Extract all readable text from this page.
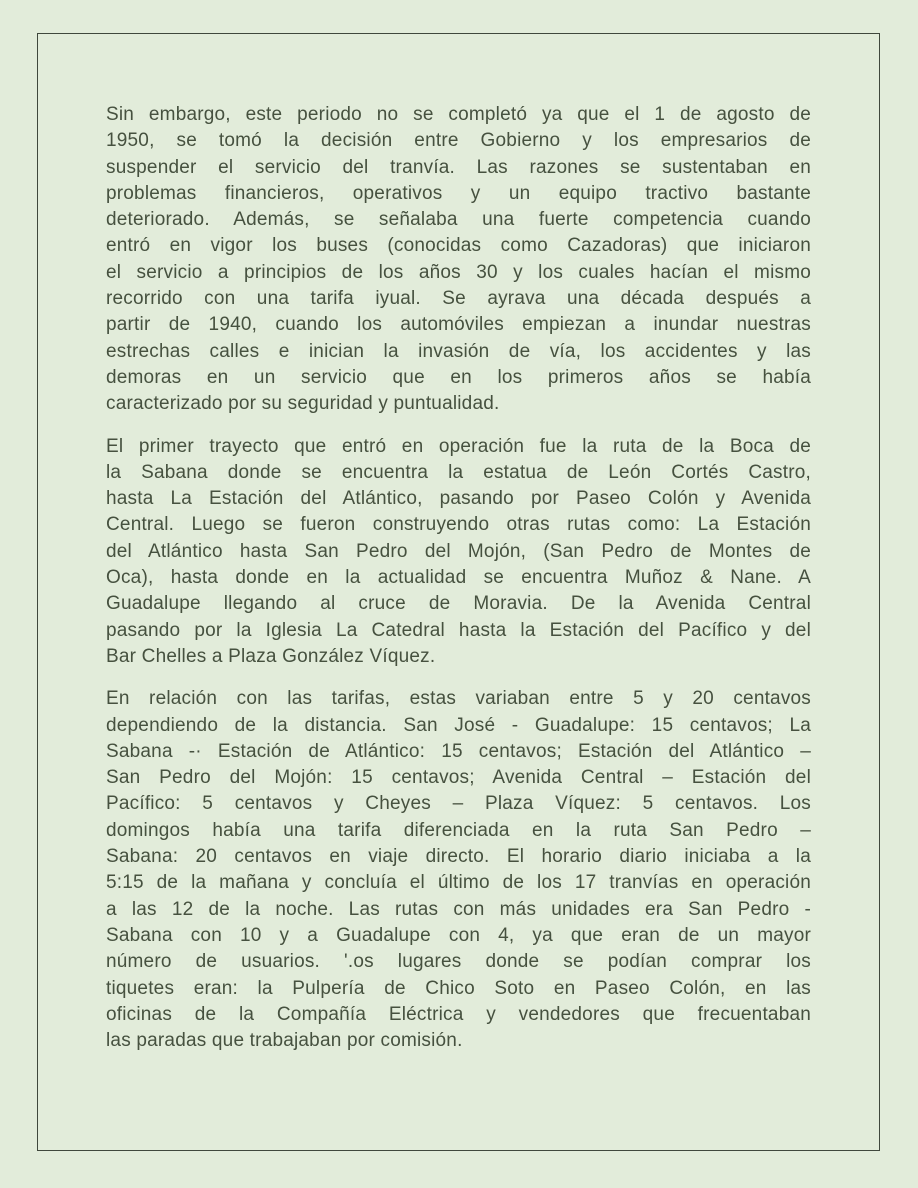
Sin embargo, este periodo no se completó ya que el 1 de agosto de
1950, se tomó la decisión entre Gobierno y los empresarios de
suspender el servicio del tranvía. Las razones se sustentaban en
problemas financieros, operativos y un equipo tractivo bastante
deteriorado. Además, se señalaba una fuerte competencia cuando
entró en vigor los buses (conocidas como Cazadoras) que iniciaron
el servicio a principios de los años 30 y los cuales hacían el mismo
recorrido con una tarifa iyual. Se ayrava una década después a
partir de 1940, cuando los automóviles empiezan a inundar nuestras
estrechas calles e inician la invasión de vía, los accidentes y las
demoras en un servicio que en los primeros años se había
caracterizado por su seguridad y puntualidad.
El primer trayecto que entró en operación fue la ruta de la Boca de
la Sabana donde se encuentra la estatua de León Cortés Castro,
hasta La Estación del Atlántico, pasando por Paseo Colón y Avenida
Central. Luego se fueron construyendo otras rutas como: La Estación
del Atlántico hasta San Pedro del Mojón, (San Pedro de Montes de
Oca), hasta donde en la actualidad se encuentra Muñoz & Nane. A
Guadalupe llegando al cruce de Moravia. De la Avenida Central
pasando por la Iglesia La Catedral hasta la Estación del Pacífico y del
Bar Chelles a Plaza González Víquez.
En relación con las tarifas, estas variaban entre 5 y 20 centavos
dependiendo de la distancia. San José - Guadalupe: 15 centavos; La
Sabana -· Estación de Atlántico: 15 centavos; Estación del Atlántico –
San Pedro del Mojón: 15 centavos; Avenida Central – Estación del
Pacífico: 5 centavos y Cheyes – Plaza Víquez: 5 centavos. Los
domingos había una tarifa diferenciada en la ruta San Pedro –
Sabana: 20 centavos en viaje directo. El horario diario iniciaba a la
5:15 de la mañana y concluía el último de los 17 tranvías en operación
a las 12 de la noche. Las rutas con más unidades era San Pedro -
Sabana con 10 y a Guadalupe con 4, ya que eran de un mayor
número de usuarios. '.os lugares donde se podían comprar los
tiquetes eran: la Pulpería de Chico Soto en Paseo Colón, en las
oficinas de la Compañía Eléctrica y vendedores que frecuentaban
las paradas que trabajaban por comisión.
